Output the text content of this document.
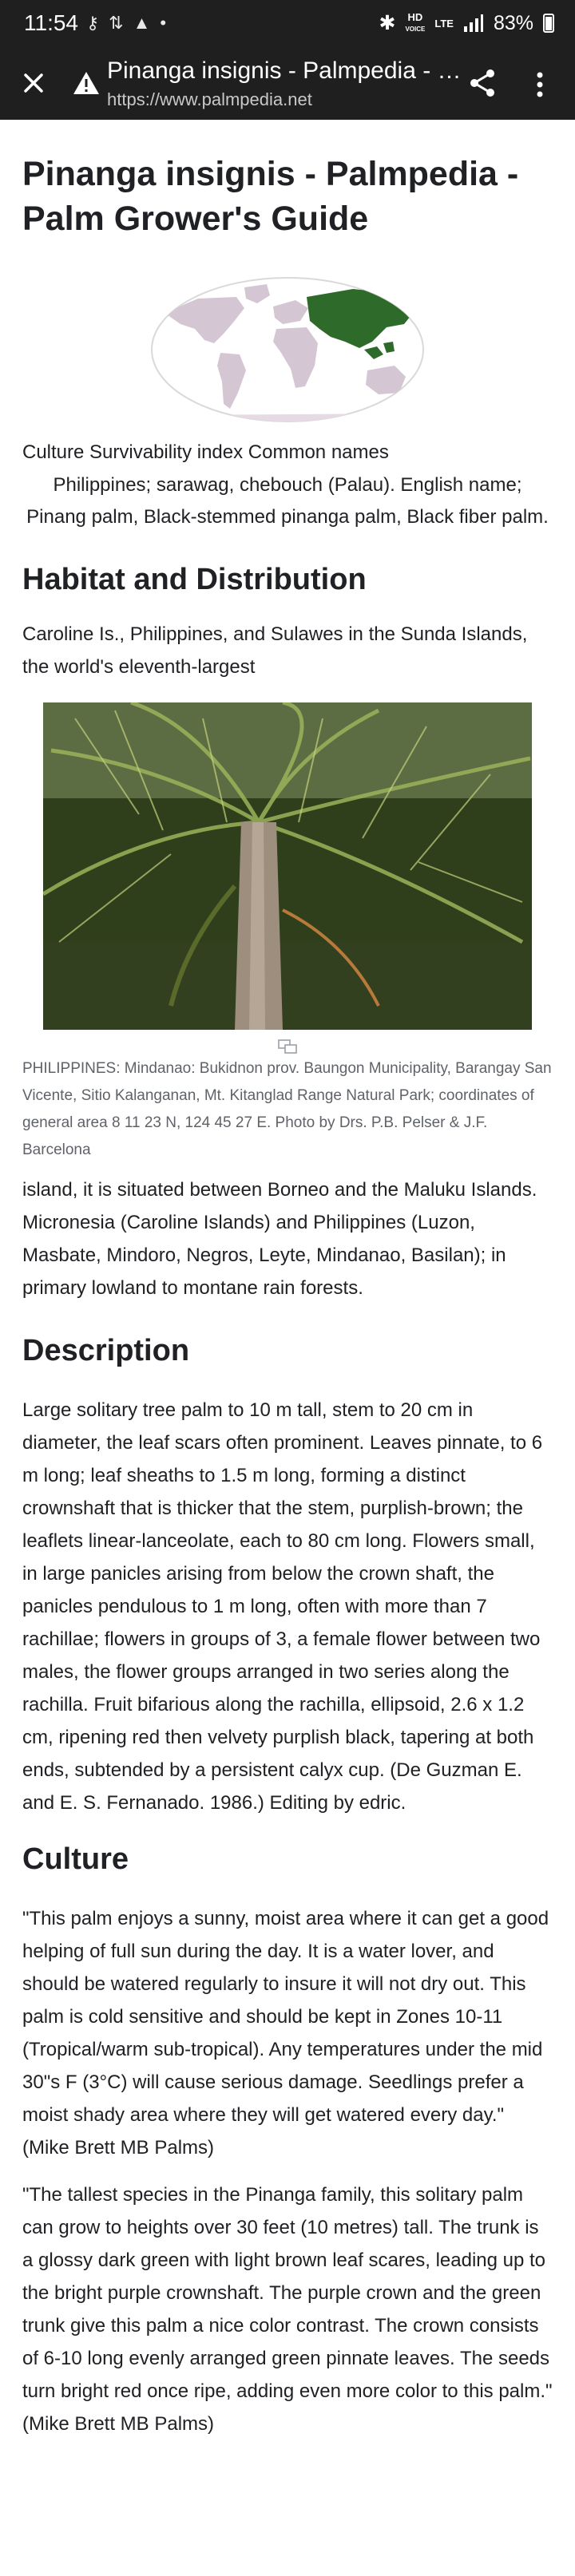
11:54 ⚷ ⇅ ▲ •	✱ HD
VOICE LTE 83%
Pinanga insignis - Palmpedia - …
https://www.palmpedia.net
Pinanga insignis - Palmpedia - Palm Grower's Guide

Culture Survivability index Common names

Philippines; sarawag, chebouch (Palau). English name; Pinang palm, Black-stemmed pinanga palm, Black fiber palm.

Habitat and Distribution

Caroline Is., Philippines, and Sulawes in the Sunda Islands, the world's eleventh-largest

PHILIPPINES: Mindanao: Bukidnon prov. Baungon Municipality, Barangay San Vicente, Sitio Kalanganan, Mt. Kitanglad Range Natural Park; coordinates of general area 8 11 23 N, 124 45 27 E. Photo by Drs. P.B. Pelser & J.F. Barcelona

island, it is situated between Borneo and the Maluku Islands. Micronesia (Caroline Islands) and Philippines (Luzon, Masbate, Mindoro, Negros, Leyte, Mindanao, Basilan); in primary lowland to montane rain forests.

Description

Large solitary tree palm to 10 m tall, stem to 20 cm in diameter, the leaf scars often prominent. Leaves pinnate, to 6 m long; leaf sheaths to 1.5 m long, forming a distinct crownshaft that is thicker that the stem, purplish-brown; the leaflets linear-lanceolate, each to 80 cm long. Flowers small, in large panicles arising from below the crown shaft, the panicles pendulous to 1 m long, often with more than 7 rachillae; flowers in groups of 3, a female flower between two males, the flower groups arranged in two series along the rachilla. Fruit bifarious along the rachilla, ellipsoid, 2.6 x 1.2 cm, ripening red then velvety purplish black, tapering at both ends, subtended by a persistent calyx cup. (De Guzman E. and E. S. Fernanado. 1986.) Editing by edric.

Culture

"This palm enjoys a sunny, moist area where it can get a good helping of full sun during the day. It is a water lover, and should be watered regularly to insure it will not dry out. This palm is cold sensitive and should be kept in Zones 10-11 (Tropical/warm sub-tropical). Any temperatures under the mid 30"s F (3°C) will cause serious damage. Seedlings prefer a moist shady area where they will get watered every day." (Mike Brett MB Palms)

"The tallest species in the Pinanga family, this solitary palm can grow to heights over 30 feet (10 metres) tall. The trunk is a glossy dark green with light brown leaf scares, leading up to the bright purple crownshaft. The purple crown and the green trunk give this palm a nice color contrast. The crown consists of 6-10 long evenly arranged green pinnate leaves. The seeds turn bright red once ripe, adding even more color to this palm." (Mike Brett MB Palms)
